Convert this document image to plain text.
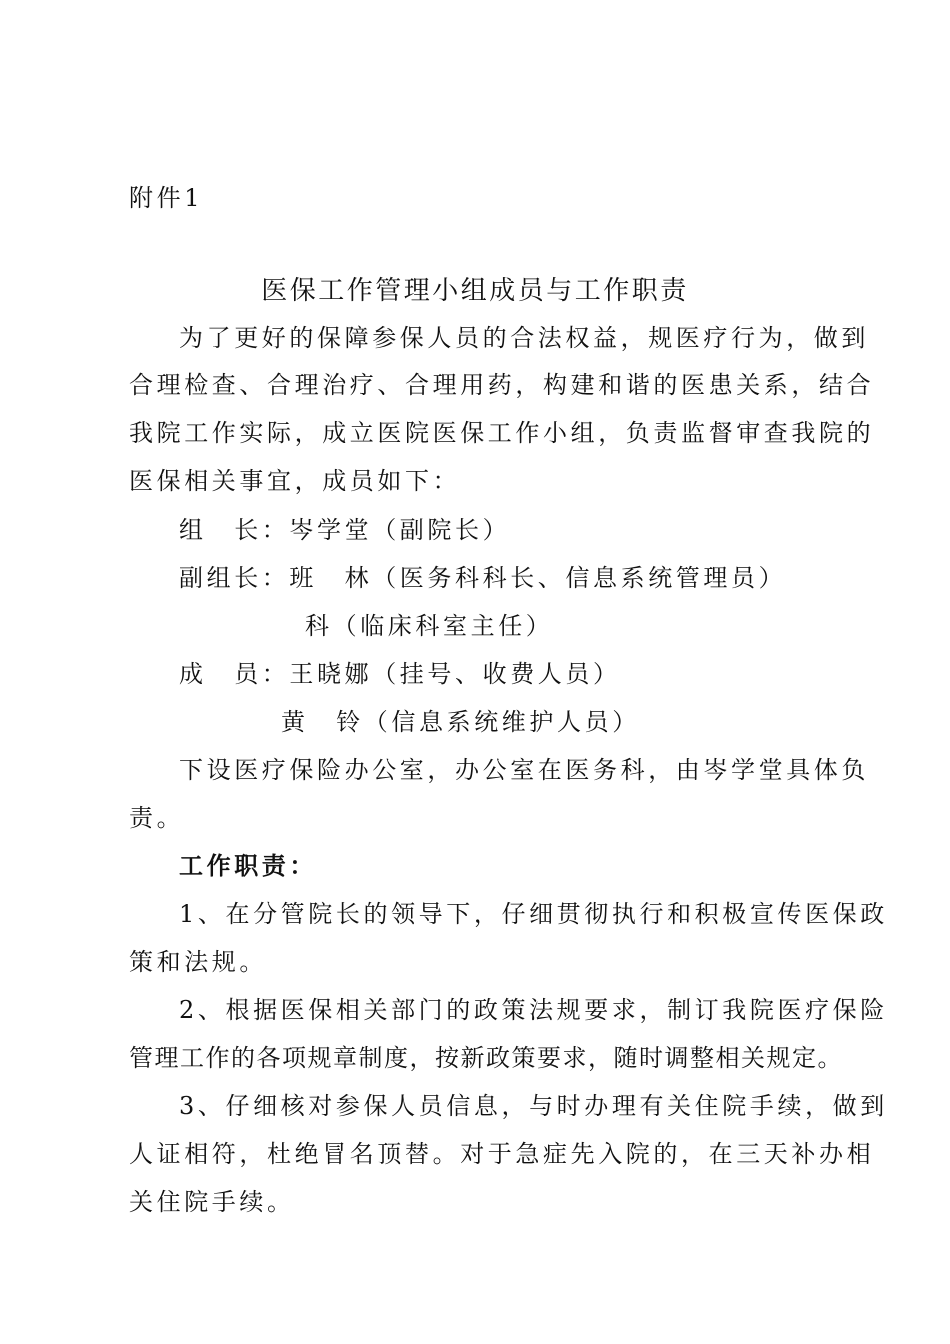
附件1
医保工作管理小组成员与工作职责
为了更好的保障参保人员的合法权益，规医疗行为，做到
合理检查、合理治疗、合理用药，构建和谐的医患关系，结合
我院工作实际，成立医院医保工作小组，负责监督审查我院的
医保相关事宜，成员如下：
组　长：岑学堂（副院长）
副组长：班　林（医务科科长、信息系统管理员）
科（临床科室主任）
成　员：王晓娜（挂号、收费人员）
黄　铃（信息系统维护人员）
下设医疗保险办公室，办公室在医务科，由岑学堂具体负
责。
工作职责：
1、在分管院长的领导下，仔细贯彻执行和积极宣传医保政
策和法规。
2、根据医保相关部门的政策法规要求，制订我院医疗保险
管理工作的各项规章制度，按新政策要求，随时调整相关规定。
3、仔细核对参保人员信息，与时办理有关住院手续，做到
人证相符，杜绝冒名顶替。对于急症先入院的，在三天补办相
关住院手续。
